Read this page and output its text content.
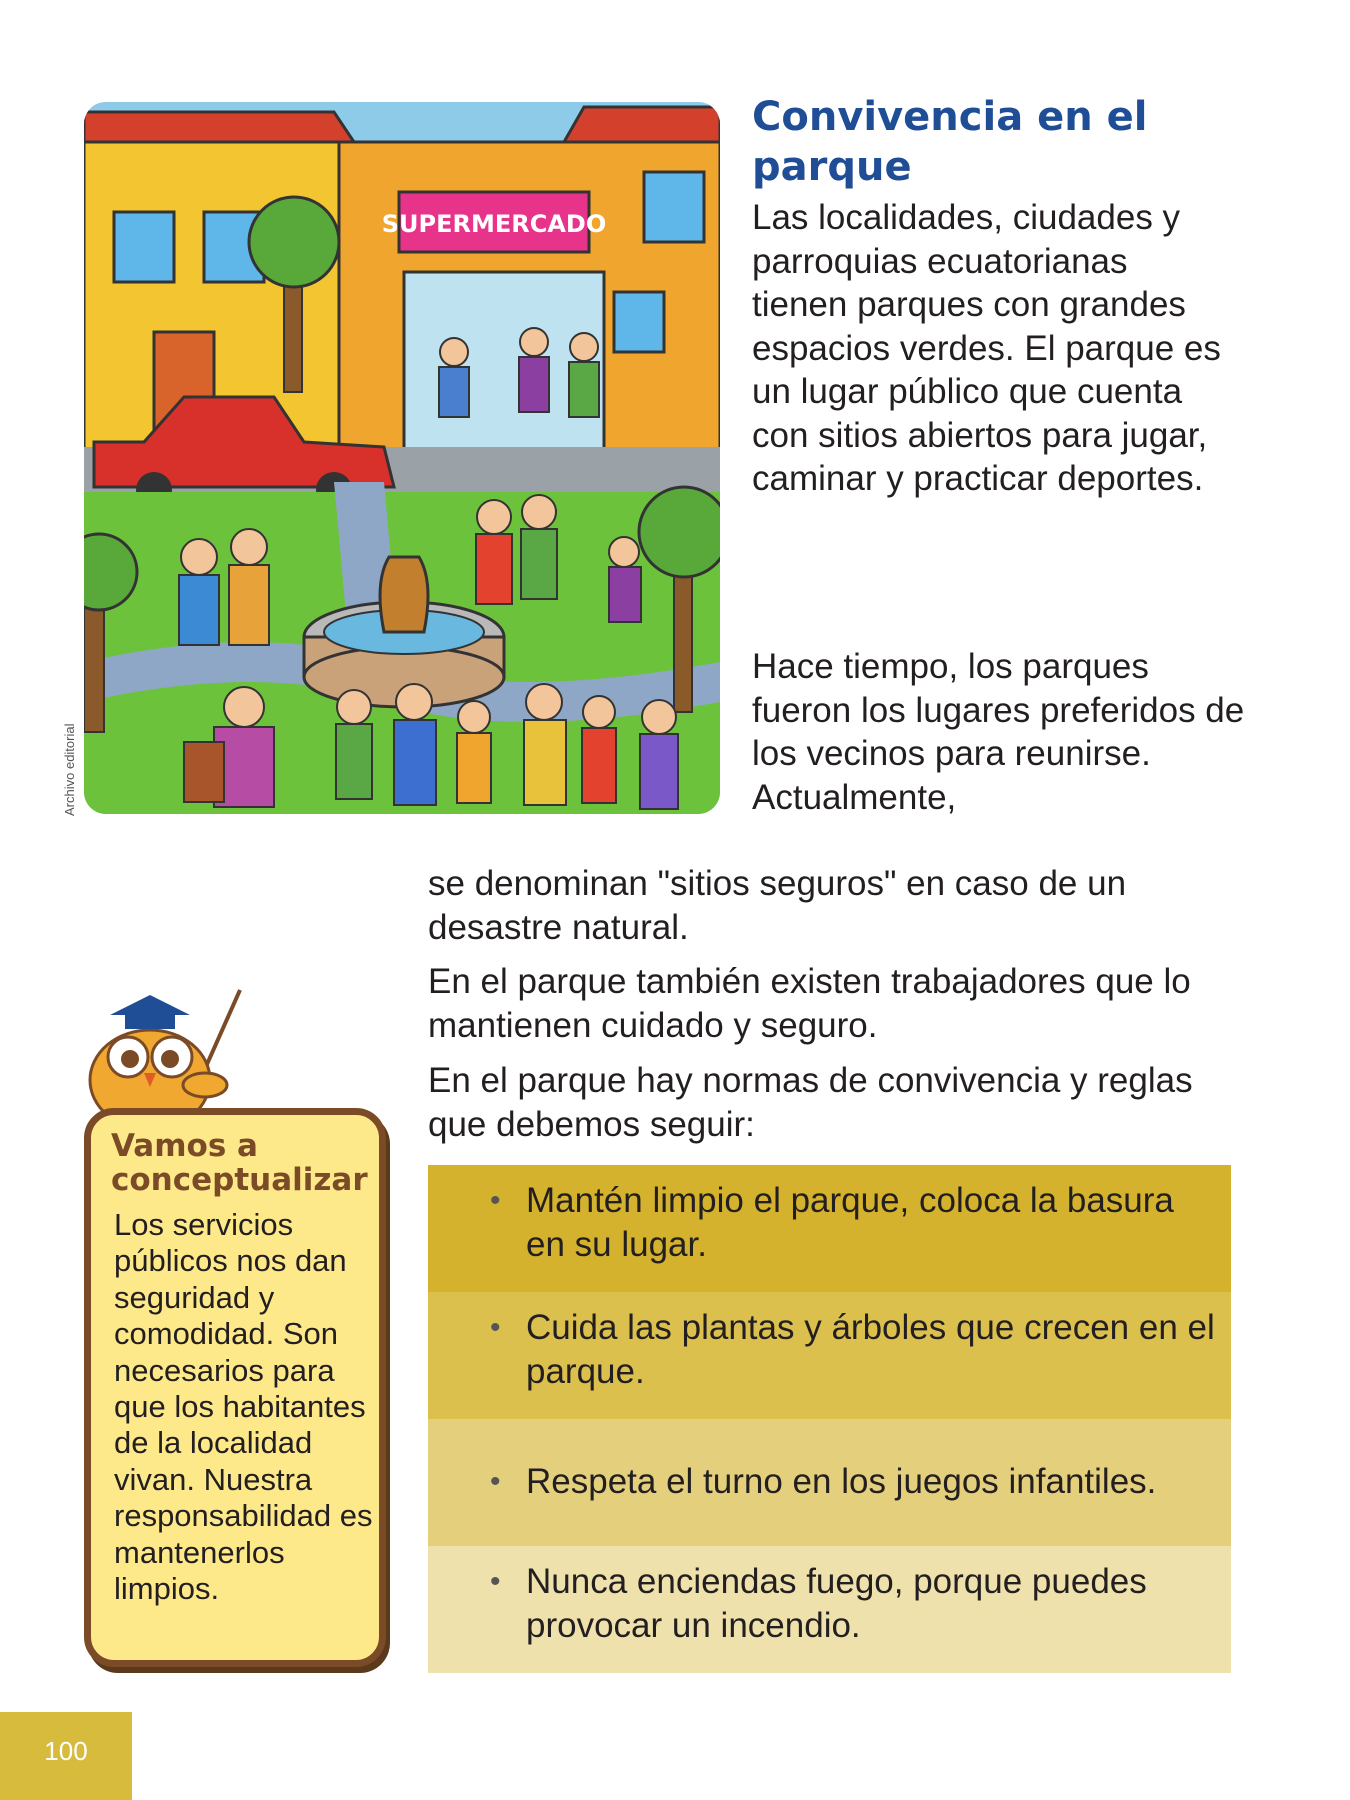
SUPERMERCADO
Archivo editorial
Convivencia en el parque

Las localidades, ciudades y parroquias ecuatorianas tienen parques con grandes espacios verdes. El parque es un lugar público que cuenta con sitios abiertos para jugar, caminar y practicar deportes.

Hace tiempo, los parques fueron los lugares preferidos de los vecinos para reunirse. Actualmente,

se denominan "sitios seguros" en caso de un desastre natural.

En el parque también existen trabajadores que lo mantienen cuidado y seguro.

En el parque hay normas de convivencia y reglas que debemos seguir:

• Mantén limpio el parque, coloca la basura en su lugar.
• Cuida las plantas y árboles que crecen en el parque.
• Respeta el turno en los juegos infantiles.
• Nunca enciendas fuego, porque puedes provocar un incendio.
Vamos a conceptualizar

Los servicios públicos nos dan seguridad y comodidad. Son necesarios para que los habitantes de la localidad vivan. Nuestra responsabilidad es mantenerlos limpios.

100
